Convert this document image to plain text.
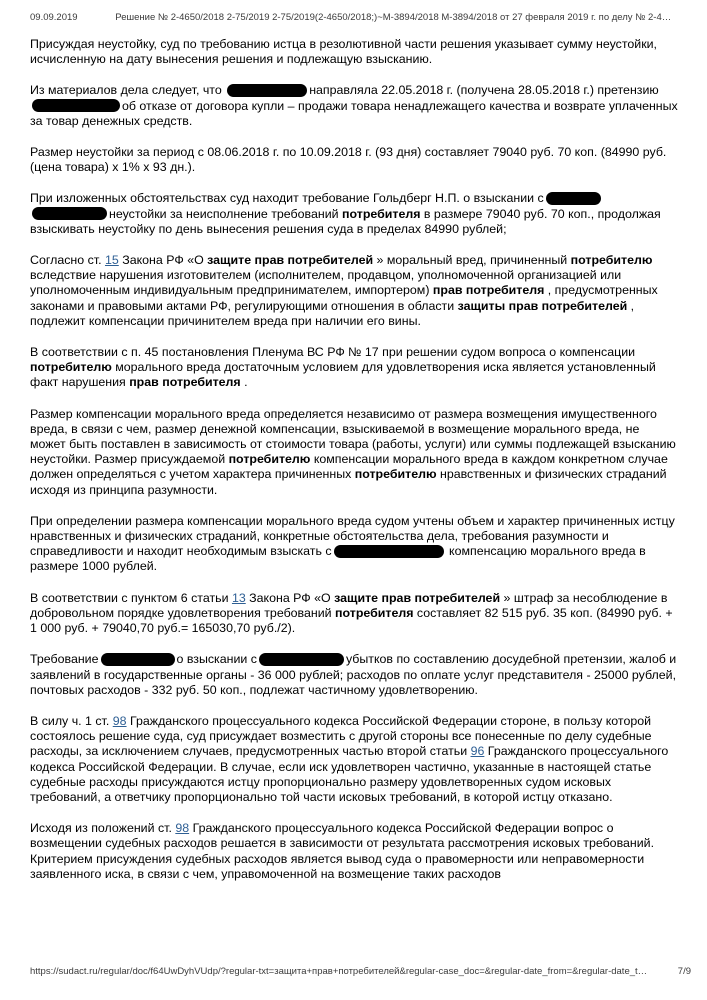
09.09.2019	Решение № 2-4650/2018 2-75/2019 2-75/2019(2-4650/2018;)~М-3894/2018 М-3894/2018 от 27 февраля 2019 г. по делу № 2-4…

Присуждая неустойку, суд по требованию истца в резолютивной части решения указывает сумму неустойки, исчисленную на дату вынесения решения и подлежащую взысканию.

Из материалов дела следует, что	направляла 22.05.2018 г. (получена 28.05.2018 г.) претензию об отказе от договора купли – продажи товара ненадлежащего качества и возврате уплаченных за товар денежных средств.

Размер неустойки за период с 08.06.2018 г. по 10.09.2018 г. (93 дня) составляет 79040 руб. 70 коп. (84990 руб. (цена товара) х 1% х 93 дн.).

При изложенных обстоятельствах суд находит требование Гольдберг Н.П. о взыскании снеустойки за неисполнение требований потребителя в размере 79040 руб. 70 коп., продолжая взыскивать неустойку по день вынесения решения суда в пределах 84990 рублей;

Согласно ст. 15 Закона РФ «О защите прав потребителей » моральный вред, причиненный потребителю вследствие нарушения изготовителем (исполнителем, продавцом, уполномоченной организацией или уполномоченным индивидуальным предпринимателем, импортером) прав потребителя , предусмотренных законами и правовыми актами РФ, регулирующими отношения в области защиты прав потребителей , подлежит компенсации причинителем вреда при наличии его вины.

В соответствии с п. 45 постановления Пленума ВС РФ № 17 при решении судом вопроса о компенсации потребителю морального вреда достаточным условием для удовлетворения иска является установленный факт нарушения прав потребителя .

Размер компенсации морального вреда определяется независимо от размера возмещения имущественного вреда, в связи с чем, размер денежной компенсации, взыскиваемой в возмещение морального вреда, не может быть поставлен в зависимость от стоимости товара (работы, услуги) или суммы подлежащей взысканию неустойки. Размер присуждаемой потребителю компенсации морального вреда в каждом конкретном случае должен определяться с учетом характера причиненных потребителю нравственных и физических страданий исходя из принципа разумности.

При определении размера компенсации морального вреда судом учтены объем и характер причиненных истцу нравственных и физических страданий, конкретные обстоятельства дела, требования разумности и справедливости и находит необходимым взыскать с	компенсацию морального вреда в размере 1000 рублей.

В соответствии с пунктом 6 статьи 13 Закона РФ «О защите прав потребителей » штраф за несоблюдение в добровольном порядке удовлетворения требований потребителя составляет 82 515 руб. 35 коп. (84990 руб. + 1 000 руб. + 79040,70 руб.= 165030,70 руб./2).

Требование	о взыскании с	убытков по составлению досудебной претензии, жалоб и заявлений в государственные органы - 36 000 рублей; расходов по оплате услуг представителя - 25000 рублей, почтовых расходов - 332 руб. 50 коп., подлежат частичному удовлетворению.

В силу ч. 1 ст. 98 Гражданского процессуального кодекса Российской Федерации стороне, в пользу которой состоялось решение суда, суд присуждает возместить с другой стороны все понесенные по делу судебные расходы, за исключением случаев, предусмотренных частью второй статьи 96 Гражданского процессуального кодекса Российской Федерации. В случае, если иск удовлетворен частично, указанные в настоящей статье судебные расходы присуждаются истцу пропорционально размеру удовлетворенных судом исковых требований, а ответчику пропорционально той части исковых требований, в которой истцу отказано.

Исходя из положений ст. 98 Гражданского процессуального кодекса Российской Федерации вопрос о возмещении судебных расходов решается в зависимости от результата рассмотрения исковых требований. Критерием присуждения судебных расходов является вывод суда о правомерности или неправомерности заявленного иска, в связи с чем, управомоченной на возмещение таких расходов

https://sudact.ru/regular/doc/f64UwDyhVUdp/?regular-txt=защита+прав+потребителей&regular-case_doc=&regular-date_from=&regular-date_t…	7/9
